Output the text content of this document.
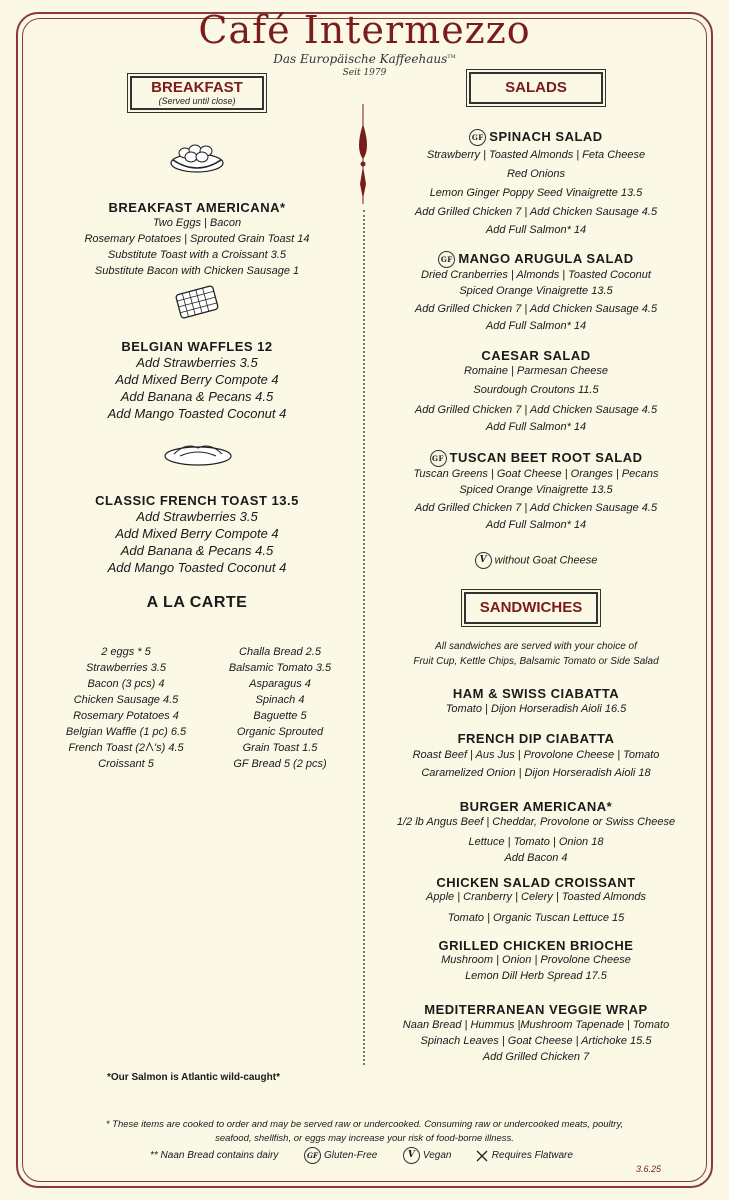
Café Intermezzo
Das Europäische Kaffeehaus™
Seit 1979
BREAKFAST
(Served until close)
SALADS
BREAKFAST AMERICANA*
Two Eggs | Bacon
Rosemary Potatoes | Sprouted Grain Toast 14
Substitute Toast with a Croissant 3.5
Substitute Bacon with Chicken Sausage 1
BELGIAN WAFFLES 12
Add Strawberries 3.5
Add Mixed Berry Compote 4
Add Banana & Pecans 4.5
Add Mango Toasted Coconut 4
CLASSIC FRENCH TOAST 13.5
Add Strawberries 3.5
Add Mixed Berry Compote 4
Add Banana & Pecans 4.5
Add Mango Toasted Coconut 4
A LA CARTE
2 eggs * 5
Strawberries 3.5
Bacon (3 pcs) 4
Chicken Sausage 4.5
Rosemary Potatoes 4
Belgian Waffle (1 pc) 6.5
French Toast (2 's) 4.5
Croissant 5
Challa Bread 2.5
Balsamic Tomato 3.5
Asparagus 4
Spinach 4
Baguette 5
Organic Sprouted
Grain Toast 1.5
GF Bread 5 (2 pcs)
GF SPINACH SALAD
Strawberry | Toasted Almonds | Feta Cheese
Red Onions
Lemon Ginger Poppy Seed Vinaigrette 13.5
Add Grilled Chicken 7 | Add Chicken Sausage 4.5
Add Full Salmon* 14
GF MANGO ARUGULA SALAD
Dried Cranberries | Almonds | Toasted Coconut
Spiced Orange Vinaigrette 13.5
Add Grilled Chicken 7 | Add Chicken Sausage 4.5
Add Full Salmon* 14
CAESAR SALAD
Romaine | Parmesan Cheese
Sourdough Croutons 11.5
Add Grilled Chicken 7 | Add Chicken Sausage 4.5
Add Full Salmon* 14
GF TUSCAN BEET ROOT SALAD
Tuscan Greens | Goat Cheese | Oranges | Pecans
Spiced Orange Vinaigrette 13.5
Add Grilled Chicken 7 | Add Chicken Sausage 4.5
Add Full Salmon* 14
V without Goat Cheese
SANDWICHES
All sandwiches are served with your choice of
Fruit Cup, Kettle Chips, Balsamic Tomato or Side Salad
HAM & SWISS CIABATTA
Tomato | Dijon Horseradish Aioli 16.5
FRENCH DIP CIABATTA
Roast Beef | Aus Jus | Provolone Cheese | Tomato
Caramelized Onion | Dijon Horseradish Aioli 18
BURGER AMERICANA*
1/2 lb Angus Beef | Cheddar, Provolone or Swiss Cheese
Lettuce | Tomato | Onion 18
Add Bacon 4
CHICKEN SALAD CROISSANT
Apple | Cranberry | Celery | Toasted Almonds
Tomato | Organic Tuscan Lettuce 15
GRILLED CHICKEN BRIOCHE
Mushroom | Onion | Provolone Cheese
Lemon Dill Herb Spread 17.5
MEDITERRANEAN VEGGIE WRAP
Naan Bread | Hummus |Mushroom Tapenade | Tomato
Spinach Leaves | Goat Cheese | Artichoke 15.5
Add Grilled Chicken 7
*Our Salmon is Atlantic wild-caught*
* These items are cooked to order and may be served raw or undercooked. Consuming raw or undercooked meats, poultry,
seafood, shellfish, or eggs may increase your risk of food-borne illness.
** Naan Bread contains dairy	GF Gluten-Free	V Vegan	Requires Flatware
3.6.25
